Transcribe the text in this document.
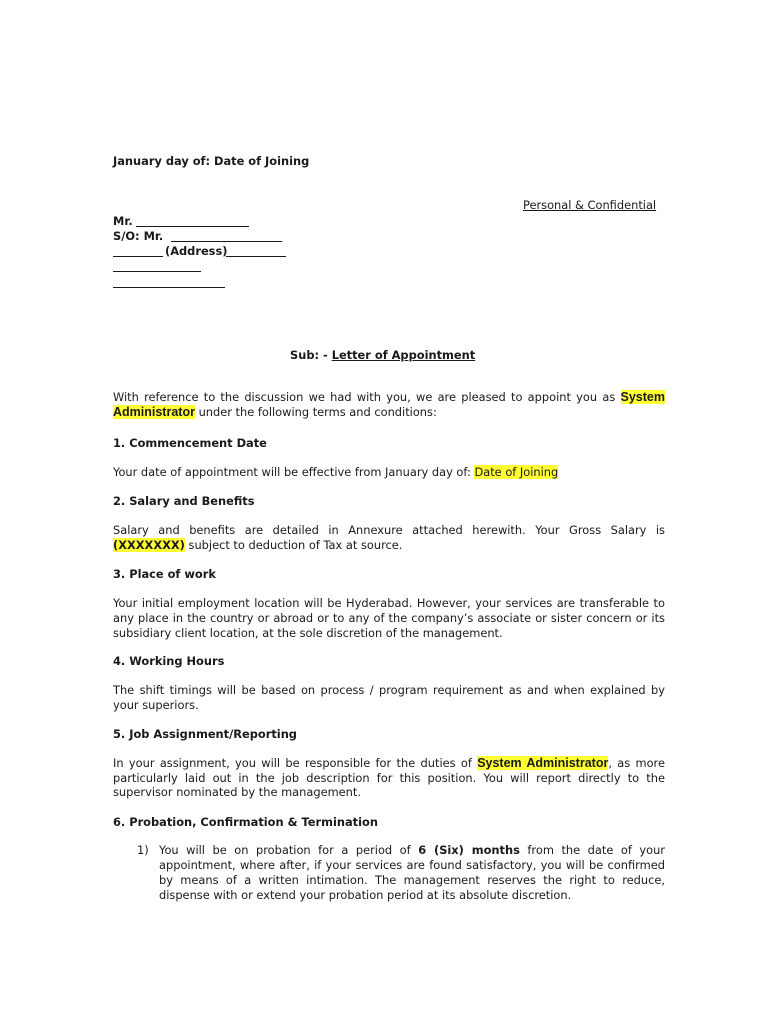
January day of: Date of Joining
Personal & Confidential
Mr.
S/O: Mr.
(Address)
Sub: - Letter of Appointment
With reference to the discussion we had with you, we are pleased to appoint you as System Administrator under the following terms and conditions:
1. Commencement Date
Your date of appointment will be effective from January day of: Date of Joining
2. Salary and Benefits
Salary and benefits are detailed in Annexure attached herewith. Your Gross Salary is (XXXXXXX) subject to deduction of Tax at source.
3. Place of work
Your initial employment location will be Hyderabad. However, your services are transferable to any place in the country or abroad or to any of the company’s associate or sister concern or its subsidiary client location, at the sole discretion of the management.
4. Working Hours
The shift timings will be based on process / program requirement as and when explained by your superiors.
5. Job Assignment/Reporting
In your assignment, you will be responsible for the duties of System Administrator, as more particularly laid out in the job description for this position. You will report directly to the supervisor nominated by the management.
6. Probation, Confirmation & Termination
1) You will be on probation for a period of 6 (Six) months from the date of your appointment, where after, if your services are found satisfactory, you will be confirmed by means of a written intimation. The management reserves the right to reduce, dispense with or extend your probation period at its absolute discretion.
